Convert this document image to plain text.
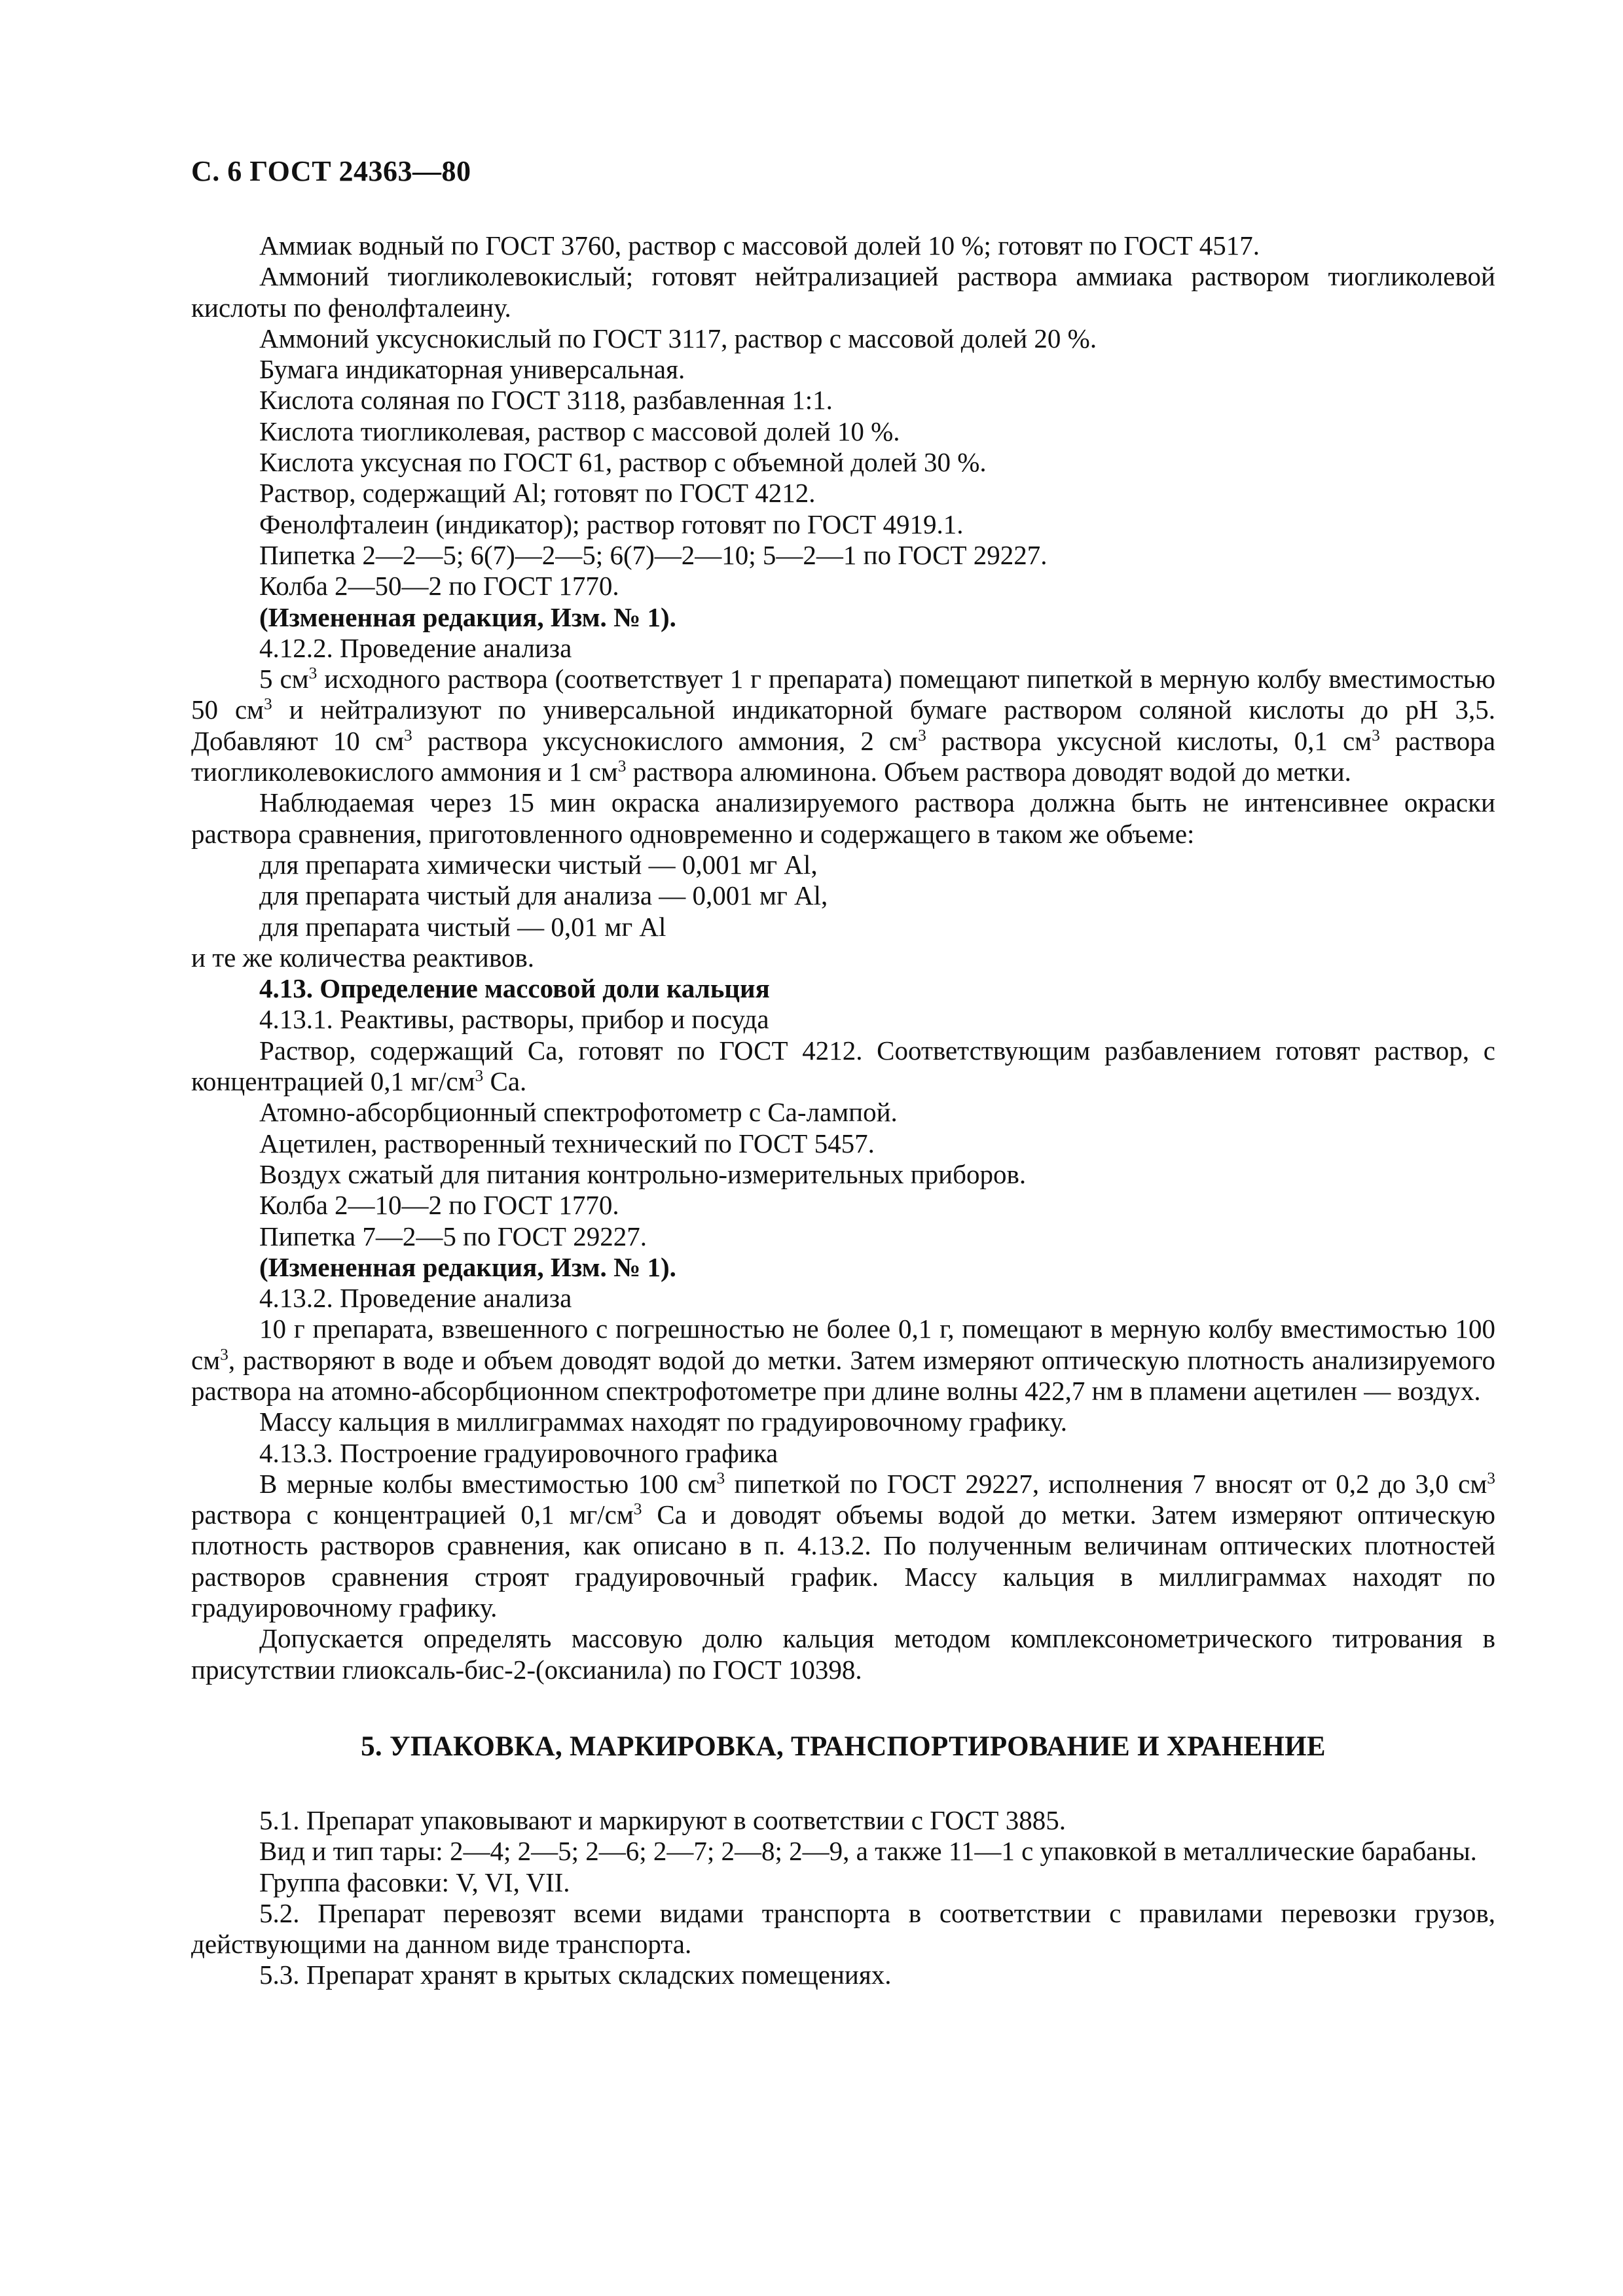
С. 6 ГОСТ 24363—80

Аммиак водный по ГОСТ 3760, раствор с массовой долей 10 %; готовят по ГОСТ 4517.

Аммоний тиогликолевокислый; готовят нейтрализацией раствора аммиака раствором тиогликолевой кислоты по фенолфталеину.

Аммоний уксуснокислый по ГОСТ 3117, раствор с массовой долей 20 %.

Бумага индикаторная универсальная.

Кислота соляная по ГОСТ 3118, разбавленная 1:1.

Кислота тиогликолевая, раствор с массовой долей 10 %.

Кислота уксусная по ГОСТ 61, раствор с объемной долей 30 %.

Раствор, содержащий Al; готовят по ГОСТ 4212.

Фенолфталеин (индикатор); раствор готовят по ГОСТ 4919.1.

Пипетка 2—2—5; 6(7)—2—5; 6(7)—2—10; 5—2—1 по ГОСТ 29227.

Колба 2—50—2 по ГОСТ 1770.

(Измененная редакция, Изм. № 1).

4.12.2. Проведение анализа

5 $см^3$ исходного раствора (соответствует 1 г препарата) помещают пипеткой в мерную колбу вместимостью 50 $см^3$ и нейтрализуют по универсальной индикаторной бумаге раствором соляной кислоты до pH 3,5. Добавляют 10 $см^3$ раствора уксуснокислого аммония, 2 $см^3$ раствора уксусной кислоты, 0,1 $см^3$ раствора тиогликолевокислого аммония и 1 $см^3$ раствора алюминона. Объем раствора доводят водой до метки.

Наблюдаемая через 15 мин окраска анализируемого раствора должна быть не интенсивнее окраски раствора сравнения, приготовленного одновременно и содержащего в таком же объеме:

для препарата химически чистый — 0,001 мг Al,

для препарата чистый для анализа — 0,001 мг Al,

для препарата чистый — 0,01 мг Al

и те же количества реактивов.

4.13. Определение массовой доли кальция

4.13.1. Реактивы, растворы, прибор и посуда

Раствор, содержащий Ca, готовят по ГОСТ 4212. Соответствующим разбавлением готовят раствор, с концентрацией 0,1 $мг/см^3$ Ca.

Атомно-абсорбционный спектрофотометр с Ca-лампой.

Ацетилен, растворенный технический по ГОСТ 5457.

Воздух сжатый для питания контрольно-измерительных приборов.

Колба 2—10—2 по ГОСТ 1770.

Пипетка 7—2—5 по ГОСТ 29227.

(Измененная редакция, Изм. № 1).

4.13.2. Проведение анализа

10 г препарата, взвешенного с погрешностью не более 0,1 г, помещают в мерную колбу вместимостью 100 $см^3$, растворяют в воде и объем доводят водой до метки. Затем измеряют оптическую плотность анализируемого раствора на атомно-абсорбционном спектрофотометре при длине волны 422,7 нм в пламени ацетилен — воздух.

Массу кальция в миллиграммах находят по градуировочному графику.

4.13.3. Построение градуировочного графика

В мерные колбы вместимостью 100 $см^3$ пипеткой по ГОСТ 29227, исполнения 7 вносят от 0,2 до 3,0 $см^3$ раствора с концентрацией 0,1 $мг/см^3$ Ca и доводят объемы водой до метки. Затем измеряют оптическую плотность растворов сравнения, как описано в п. 4.13.2. По полученным величинам оптических плотностей растворов сравнения строят градуировочный график. Массу кальция в миллиграммах находят по градуировочному графику.

Допускается определять массовую долю кальция методом комплексонометрического титрования в присутствии глиоксаль-бис-2-(оксианила) по ГОСТ 10398.

5. УПАКОВКА, МАРКИРОВКА, ТРАНСПОРТИРОВАНИЕ И ХРАНЕНИЕ

5.1. Препарат упаковывают и маркируют в соответствии с ГОСТ 3885.

Вид и тип тары: 2—4; 2—5; 2—6; 2—7; 2—8; 2—9, а также 11—1 с упаковкой в металлические барабаны.

Группа фасовки: V, VI, VII.

5.2. Препарат перевозят всеми видами транспорта в соответствии с правилами перевозки грузов, действующими на данном виде транспорта.

5.3. Препарат хранят в крытых складских помещениях.
